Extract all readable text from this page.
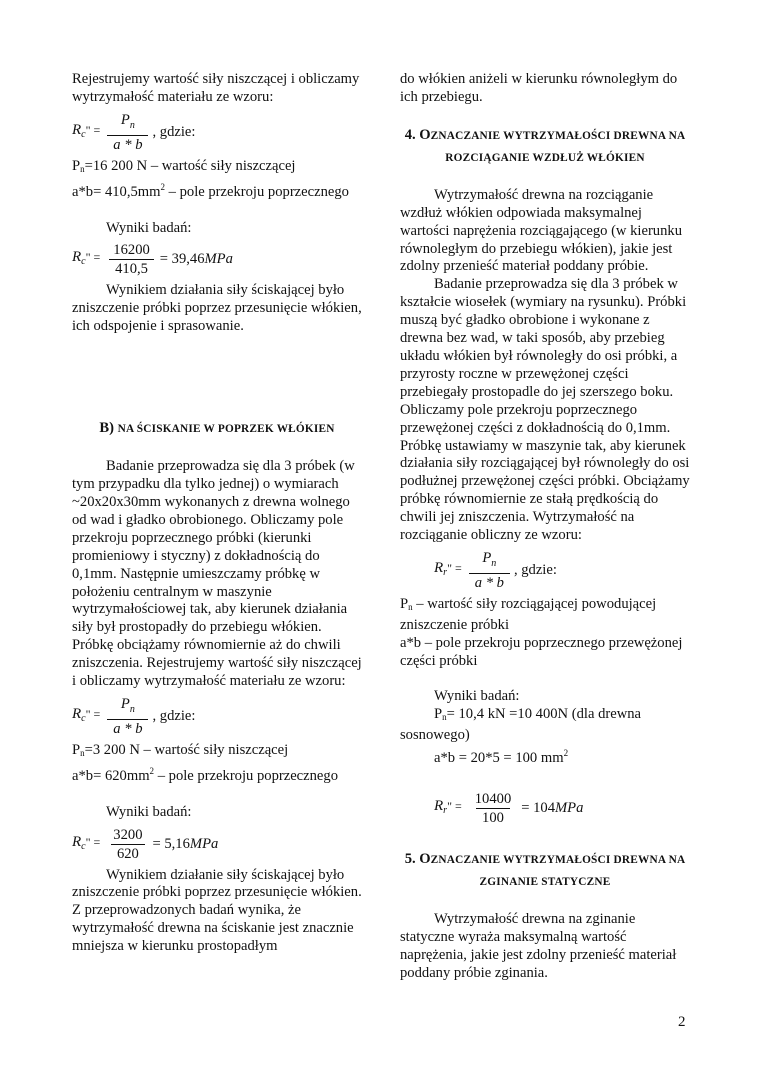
Rejestrujemy wartość siły niszczącej i obliczamy wytrzymałość materiału ze wzoru:

$R_c$" = $\frac{P_n}{a * b}$ , gdzie:

$P_n=16$ 200 N – wartość siły niszczącej

$a*b= 410,5mm^2$ – pole przekroju poprzecznego

Wyniki badań:

$R_c$" = $\frac{16200}{410,5} = 39,46MPa$

Wynikiem działania siły ściskającej było zniszczenie próbki poprzez przesunięcie włókien, ich odspojenie i sprasowanie.

B) NA ŚCISKANIE W POPRZEK WŁÓKIEN

Badanie przeprowadza się dla 3 próbek (w tym przypadku dla tylko jednej) o wymiarach ~20x20x30mm wykonanych z drewna wolnego od wad i gładko obrobionego. Obliczamy pole przekroju poprzecznego próbki (kierunki promieniowy i styczny) z dokładnością do 0,1mm. Następnie umieszczamy próbkę w położeniu centralnym w maszynie wytrzymałościowej tak, aby kierunek działania siły był prostopadły do przebiegu włókien. Próbkę obciążamy równomiernie aż do chwili zniszczenia. Rejestrujemy wartość siły niszczącej i obliczamy wytrzymałość materiału ze wzoru:

$R_c$" = $\frac{P_n}{a * b}$ , gdzie:

$P_n=3$ 200 N – wartość siły niszczącej

$a*b= 620mm^2$ – pole przekroju poprzecznego

Wyniki badań:

$R_c$" = $\frac{3200}{620} = 5,16MPa$

Wynikiem działanie siły ściskającej było zniszczenie próbki poprzez przesunięcie włókien. Z przeprowadzonych badań wynika, że wytrzymałość drewna na ściskanie jest znacznie mniejsza w kierunku prostopadłym

do włókien aniżeli w kierunku równoległym do ich przebiegu.

4. OZNACZANIE WYTRZYMAŁOŚCI DREWNA NA ROZCIĄGANIE WZDŁUŻ WŁÓKIEN

Wytrzymałość drewna na rozciąganie wzdłuż włókien odpowiada maksymalnej wartości naprężenia rozciągającego (w kierunku równoległym do przebiegu włókien), jakie jest zdolny przenieść materiał poddany próbie.

Badanie przeprowadza się dla 3 próbek w kształcie wiosełek (wymiary na rysunku). Próbki muszą być gładko obrobione i wykonane z drewna bez wad, w taki sposób, aby przebieg układu włókien był równoległy do osi próbki, a przyrosty roczne w przewężonej części przebiegały prostopadle do jej szerszego boku. Obliczamy pole przekroju poprzecznego przewężonej części z dokładnością do 0,1mm. Próbkę ustawiamy w maszynie tak, aby kierunek działania siły rozciągającej był równoległy do osi podłużnej przewężonej części próbki. Obciążamy próbkę równomiernie ze stałą prędkością do chwili jej zniszczenia. Wytrzymałość na rozciąganie obliczny ze wzoru:

$R_r$" = $\frac{P_n}{a * b}$ , gdzie:

$P_n$ – wartość siły rozciągającej powodującej zniszczenie próbki

a*b – pole przekroju poprzecznego przewężonej części próbki

Wyniki badań:

$P_n= 10,4$ kN =10 400N (dla drewna sosnowego)

a*b = 20*5 = 100 $mm^2$

$R_r$" = $\frac{10400}{100} = 104MPa$

5. OZNACZANIE WYTRZYMAŁOŚCI DREWNA NA ZGINANIE STATYCZNE

Wytrzymałość drewna na zginanie statyczne wyraża maksymalną wartość naprężenia, jakie jest zdolny przenieść materiał poddany próbie zginania.

2
